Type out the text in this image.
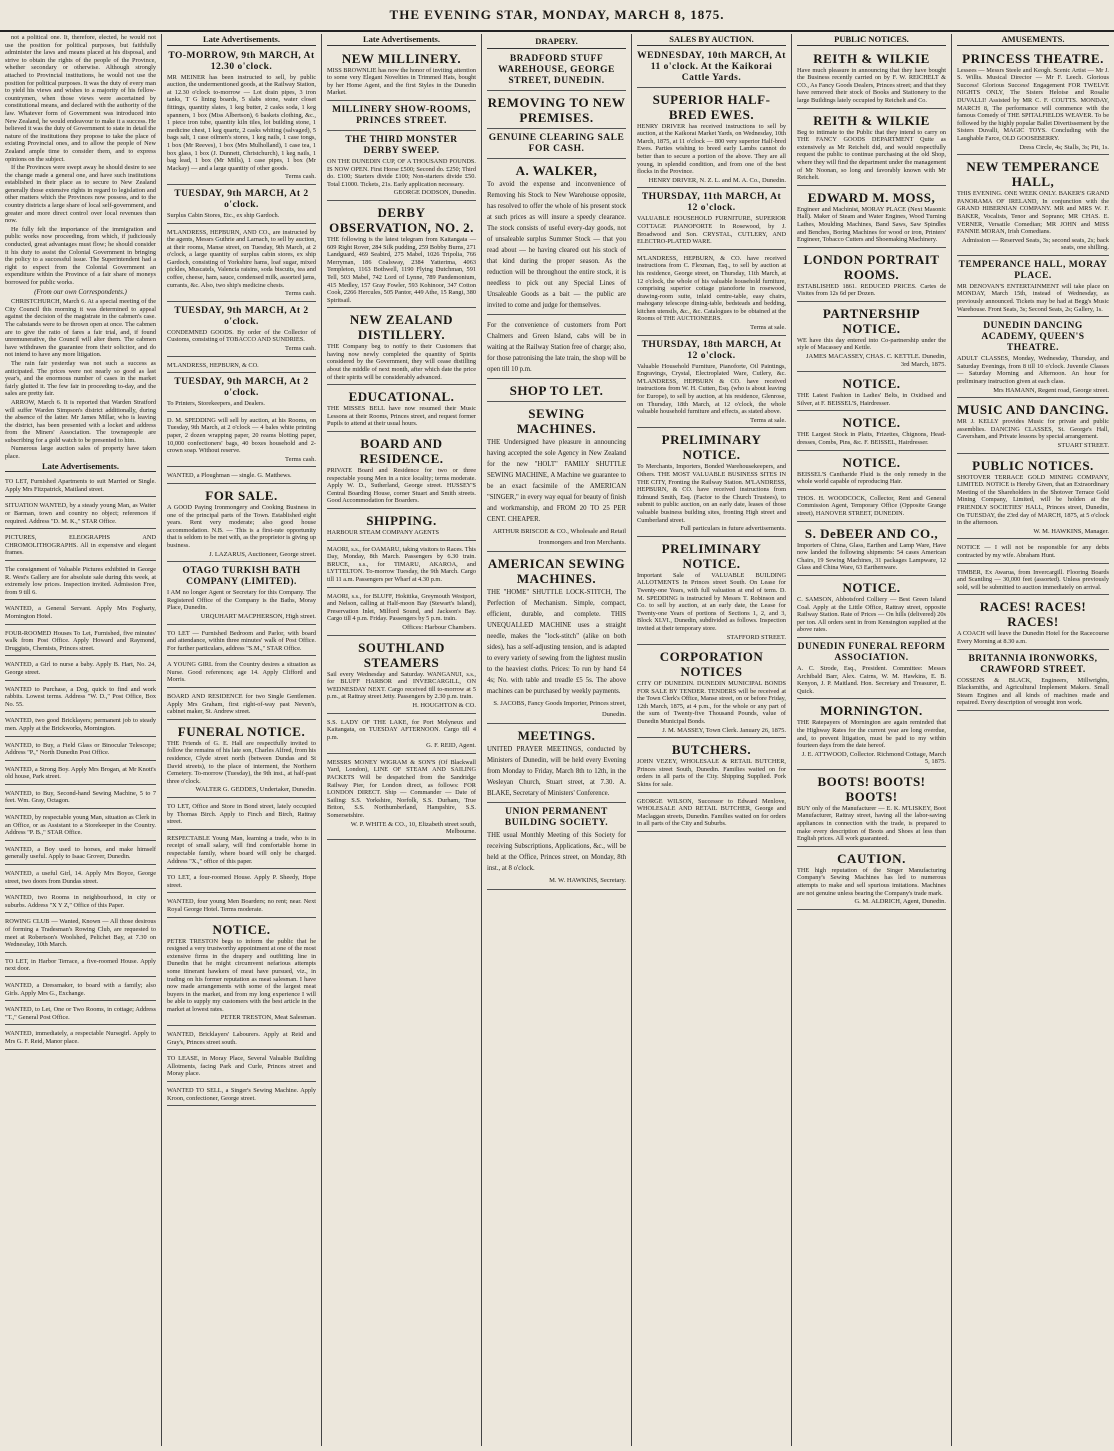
THE EVENING STAR, MONDAY, MARCH 8, 1875.

not a political one. It, therefore, elected, he would not use the position for political purposes, but faithfully administer the laws and means placed at his disposal, and strive to obtain the rights of the people of the Province, whether secondary or otherwise. Although strongly attached to Provincial institutions, he would not use the position for political purposes. It was the duty of every man to yield his views and wishes to a majority of his fellow-countrymen, when those views were ascertained by constitutional means, and declared with the authority of the law. Whatever form of Government was introduced into New Zealand, he would endeavour to make it a success. He believed it was the duty of Government to state in detail the nature of the institutions they propose to take the place of existing Provincial ones, and to allow the people of New Zealand ample time to consider them, and to express opinions on the subject.

If the Provinces were swept away he should desire to see the change made a general one, and have such institutions established in their place as to secure to New Zealand generally those extensive rights in regard to legislation and other matters which the Provinces now possess, and to the country districts a large share of local self-government, and greater and more direct control over local revenues than now.

He fully felt the importance of the immigration and public works now proceeding, from which, if judiciously conducted, great advantages must flow; he should consider it his duty to assist the Colonial Government in bringing the policy to a successful issue. The Superintendent had a right to expect from the Colonial Government an expenditure within the Province of a fair share of moneys borrowed for public works.

(From our own Correspondents.)

CHRISTCHURCH, March 6. At a special meeting of the City Council this morning it was determined to appeal against the decision of the magistrate in the cabmen's case. The cabstands were to be thrown open at once. The cabmen are to give the ratio of fares a fair trial, and, if found unremunerative, the Council will alter them. The cabmen have withdrawn the guarantee from their solicitor, and do not intend to have any more litigation.

The rain fair yesterday was not such a success as anticipated. The prices were not nearly so good as last year's, and the enormous number of cases in the market fairly glutted it. The few fair in proceeding to-day, and the sales are pretty fair.

ARROW, March 6. It is reported that Warden Stratford will suffer Warden Simpson's district additionally, during the absence of the latter. Mr James Millar, who is leaving the district, has been presented with a locket and address from the Miners' Association. The townspeople are subscribing for a gold watch to be presented to him.

Numerous large auction sales of property have taken place.

Late Advertisements.
TO LET, Furnished Apartments to suit Married or Single. Apply Mrs Fitzpatrick, Maitland street.
SITUATION WANTED, by a steady young Man, as Waiter or Barman, town and country no object; references if required. Address "D. M. K.," STAR Office.
PICTURES, ELEOGRAPHS AND CHROMOLITHOGRAPHS. All in expensive and elegant frames.
The consignment of Valuable Pictures exhibited in George R. West's Gallery are for absolute sale during this week, at extremely low prices. Inspection invited. Admission Free, from 9 till 6.
WANTED, a General Servant. Apply Mrs Fogharty, Mornington Hotel.
FOUR-ROOMED Houses To Let, Furnished, five minutes' walk from Post Office. Apply Howard and Raymond, Druggists, Chemists, Princes street.
WANTED, a Girl to nurse a baby. Apply B. Hart, No. 24, George street.
WANTED to Purchase, a Dog, quick to find and work rabbits. Lowest terms. Address "W. D.," Post Office, Box No. 55.
WANTED, two good Bricklayers; permanent job to steady men. Apply at the Brickworks, Mornington.
WANTED, to Buy, a Field Glass or Binocular Telescope; Address "P.," North Dunedin Post Office.
WANTED, a Strong Boy. Apply Mrs Brogan, at Mr Knott's old house, Park street.
WANTED, to Buy, Second-hand Sewing Machine, 5 to 7 feet. Wm. Gray, Octagon.
WANTED, by respectable young Man, situation as Clerk in an Office, or as Assistant to a Storekeeper in the Country. Address "P. B.," STAR Office.
WANTED, a Boy used to horses, and make himself generally useful. Apply to Isaac Grover, Dunedin.
WANTED, a useful Girl, 14. Apply Mrs Boyce, George street, two doors from Dundas street.
WANTED, two Rooms in neighbourhood, in city or suburbs. Address "X Y Z," Office of this Paper.
ROWING CLUB — Wanted, Known — All those desirous of forming a Tradesman's Rowing Club, are requested to meet at Robertson's Woolshed, Pelichet Bay, at 7.30 on Wednesday, 10th March.
TO LET, in Harbor Terrace, a five-roomed House. Apply next door.
WANTED, a Dressmaker, to board with a family; also Girls. Apply Mrs G., Exchange.
WANTED, to Let, One or Two Rooms, in cottage; Address "T.," General Post Office.
WANTED, immediately, a respectable Nursegirl. Apply to Mrs G. F. Reid, Manor place.
Late Advertisements.
TO-MORROW, 9th MARCH, At 12.30 o'clock.
MR MEINER has been instructed to sell, by public auction, the undermentioned goods, at the Railway Station, at 12.30 o'clock to-morrow — Lot drain pipes, 3 iron tanks, T G lining boards, 5 slabs stone, water closet fittings, quantity slates, 1 keg butter, 2 casks soda, 1 keg spanners, 1 box (Miss Albertson), 6 baskets clothing, &c., 1 piece iron tube, quantity kiln tiles, lot building stone, 1 medicine chest, 1 keg quartz, 2 casks whiting (salvaged), 5 bags salt, 1 case oilmen's stores, 1 keg nails, 1 case tongs, 1 box (Mr Reeves), 1 box (Mrs Mulholland), 1 case tea, 1 box glass, 1 box (J. Dunnett, Christchurch), 1 keg nails, 1 bag lead, 1 box (Mr Mills), 1 case pipes, 1 box (Mr Mackay) — and a large quantity of other goods.
Terms cash.
TUESDAY, 9th MARCH, At 2 o'clock.
Surplus Cabin Stores, Etc., ex ship Gardoch.
M'LANDRESS, HEPBURN, AND CO., are instructed by the agents, Messrs Guthrie and Larnach, to sell by auction, at their rooms, Manse street, on Tuesday, 9th March, at 2 o'clock, a large quantity of surplus cabin stores, ex ship Gardoch, consisting of Yorkshire hams, loaf sugar, mixed pickles, Muscatels, Valencia raisins, soda biscuits, tea and coffee, cheese, ham, sauce, condensed milk, assorted jams, currants, &c. Also, two ship's medicine chests.
Terms cash.
TUESDAY, 9th MARCH, At 2 o'clock.
CONDEMNED GOODS. By order of the Collector of Customs, consisting of TOBACCO AND SUNDRIES.
Terms cash.
M'LANDRESS, HEPBURN, & CO.
TUESDAY, 9th MARCH, At 2 o'clock.
To Printers, Storekeepers, and Dealers.
D. M. SPEDDING will sell by auction, at his Rooms, on Tuesday, 9th March, at 2 o'clock — 4 bales white printing paper, 2 dozen wrapping paper, 20 reams blotting paper, 10,000 confectioners' bags, 40 boxes household and 2-crown soap. Without reserve.
Terms cash.
WANTED, a Ploughman — single. G. Matthews.
FOR SALE.
A GOOD Paying Ironmongery and Cooking Business in one of the principal parts of the Town. Established eight years. Rent very moderate; also good house accommodation. N.B. — This is a first-rate opportunity that is seldom to be met with, as the proprietor is giving up business.
J. LAZARUS, Auctioneer, George street.
OTAGO TURKISH BATH COMPANY (LIMITED).
I AM no longer Agent or Secretary for this Company. The Registered Office of the Company is the Baths, Moray Place, Dunedin.
URQUHART MACPHERSON, High street.
TO LET — Furnished Bedroom and Parlor, with board and attendance, within three minutes' walk of Post Office. For further particulars, address "S.M.," STAR Office.
A YOUNG GIRL from the Country desires a situation as Nurse. Good references; age 14. Apply Clifford and Morris.
BOARD AND RESIDENCE for two Single Gentlemen. Apply Mrs Graham, first right-of-way past Neven's, cabinet maker, St. Andrew street.
FUNERAL NOTICE.
THE Friends of G. E. Hall are respectfully invited to follow the remains of his late son, Charles Alfred, from his residence, Clyde street north (between Dundas and St David streets), to the place of interment, the Northern Cemetery. To-morrow (Tuesday), the 9th inst., at half-past three o'clock.
WALTER G. GEDDES, Undertaker, Dunedin.
TO LET, Office and Store in Bond street, lately occupied by Thomas Birch. Apply to Finch and Birch, Rattray street.
RESPECTABLE Young Man, learning a trade, who is in receipt of small salary, will find comfortable home in respectable family, where board will only be charged. Address "X.," office of this paper.
TO LET, a four-roomed House. Apply P. Sheedy, Hope street.
WANTED, four young Men Boarders; no rent; near. Next Royal George Hotel. Terms moderate.
NOTICE.
PETER TRESTON begs to inform the public that he resigned a very trustworthy appointment at one of the most extensive firms in the drapery and outfitting line in Dunedin that he might circumvent nefarious attempts some itinerant hawkers of meat have pursued, viz., in trading on his former reputation as meat salesman. I have now made arrangements with some of the largest meat buyers in the market, and from my long experience I will be able to supply my customers with the best article in the market at lowest rates.
PETER TRESTON, Meat Salesman.
WANTED, Bricklayers' Labourers. Apply at Reid and Gray's, Princes street south.
TO LEASE, in Moray Place, Several Valuable Building Allotments, facing Park and Curle, Princes street and Moray place.
WANTED TO SELL, a Singer's Sewing Machine. Apply Kroon, confectioner, George street.
Late Advertisements.
NEW MILLINERY.
MISS BROWNLIE has now the honor of inviting attention to some very Elegant Novelties in Trimmed Hats, bought by her Home Agent, and the first Styles in the Dunedin Market.
MILLINERY SHOW-ROOMS, PRINCES STREET.
THE THIRD MONSTER DERBY SWEEP.
ON THE DUNEDIN CUP, OF A THOUSAND POUNDS. IS NOW OPEN. First Horse £500; Second do. £250; Third do. £100; Starters divide £100; Non-starters divide £50. Total £1000. Tickets, 21s. Early application necessary.
GEORGE DODSON, Dunedin.
DERBY OBSERVATION, NO. 2.
THE following is the latest telegram from Kaitangata — 609 Right Rover, 284 Silk pudding, 259 Bobby Burns, 271 Landguard, 469 Seabird, 275 Mabel, 1026 Tripolia, 766 Merryman, 186 Coalsway, 2384 Yatterima, 4063 Templeton, 1163 Bothwell, 1190 Flying Dutchman, 591 Tell, 503 Mabel, 742 Lord of Lynne, 789 Pandemonium, 415 Medley, 157 Gray Fowler, 593 Kohinoor, 347 Cotton Cook, 2266 Hercules, 505 Pantor, 449 Athe, 15 Rangi, 380 Spiritsail.
NEW ZEALAND DISTILLERY.
THE Company beg to notify to their Customers that having now newly completed the quantity of Spirits considered by the Government, they will cease distilling about the middle of next month, after which date the price of their spirits will be considerably advanced.
EDUCATIONAL.
THE MISSES BELL have now resumed their Music Lessons at their Rooms, Princes street, and request former Pupils to attend at their usual hours.
BOARD AND RESIDENCE.
PRIVATE Board and Residence for two or three respectable young Men in a nice locality; terms moderate. Apply W. D., Sutherland, George street. HUSSEY'S Central Boarding House, corner Stuart and Smith streets. Good Accommodation for Boarders.
SHIPPING.
HARBOUR STEAM COMPANY AGENTS
MAORI, s.s., for OAMARU, taking visitors to Races. This Day, Monday, 8th March. Passengers by 6.30 train. BRUCE, s.s., for TIMARU, AKAROA, and LYTTELTON. To-morrow Tuesday, the 9th March. Cargo till 11 a.m. Passengers per Wharf at 4.30 p.m.
MAORI, s.s., for BLUFF, Hokitika, Greymouth Westport, and Nelson, calling at Half-moon Bay (Stewart's Island), Preservation Inlet, Milford Sound, and Jackson's Bay. Cargo till 4 p.m. Friday. Passengers by 5 p.m. train.
Offices: Harbour Chambers.
SOUTHLAND STEAMERS
Sail every Wednesday and Saturday. WANGANUI, s.s., for BLUFF HARBOR and INVERCARGILL, ON WEDNESDAY NEXT. Cargo received till to-morrow at 5 p.m., at Rattray street Jetty. Passengers by 2.30 p.m. train.
H. HOUGHTON & CO.
S.S. LADY OF THE LAKE, for Port Molyneux and Kaitangata, on TUESDAY AFTERNOON. Cargo till 4 p.m.
G. F. REID, Agent.
MESSRS MONEY WIGRAM & SON'S (Of Blackwall Yard, London), LINE OF STEAM AND SAILING PACKETS Will be despatched from the Sandridge Railway Pier, for London direct, as follows: FOR LONDON DIRECT. Ship — Commander — Date of Sailing: S.S. Yorkshire, Norfolk, S.S. Durham, True Briton, S.S. Northumberland, Hampshire, S.S. Somersetshire.
W. P. WHITE & CO., 10, Elizabeth street south, Melbourne.
DRAPERY.
BRADFORD STUFF WAREHOUSE, GEORGE STREET, DUNEDIN.
REMOVING TO NEW PREMISES.
GENUINE CLEARING SALE FOR CASH.
A. WALKER,
To avoid the expense and inconvenience of Removing his Stock to New Warehouse opposite, has resolved to offer the whole of his present stock at such prices as will insure a speedy clearance. The stock consists of useful every-day goods, not of unsaleable surplus Summer Stock — that you read about — he having cleared out his stock of that kind during the proper season. As the reduction will be throughout the entire stock, it is needless to pick out any Special Lines of Unsaleable Goods as a bait — the public are invited to come and judge for themselves.
For the convenience of customers from Port Chalmers and Green Island, cabs will be in waiting at the Railway Station free of charge; also, for those patronising the late train, the shop will be open till 10 p.m.
SHOP TO LET.
SEWING MACHINES.
THE Undersigned have pleasure in announcing having accepted the sole Agency in New Zealand for the new "HOLT" FAMILY SHUTTLE SEWING MACHINE, A Machine we guarantee to be an exact facsimile of the AMERICAN "SINGER," in every way equal for beauty of finish and workmanship, and FROM 20 TO 25 PER CENT. CHEAPER.
ARTHUR BRISCOE & CO., Wholesale and Retail Ironmongers and Iron Merchants.
AMERICAN SEWING MACHINES.
THE "HOME" SHUTTLE LOCK-STITCH, The Perfection of Mechanism. Simple, compact, efficient, durable, and complete. THIS UNEQUALLED MACHINE uses a straight needle, makes the "lock-stitch" (alike on both sides), has a self-adjusting tension, and is adapted to every variety of sewing from the lightest muslin to the heaviest cloths. Prices: To run by hand £4 4s; No. with table and treadle £5 5s. The above machines can be purchased by weekly payments.
S. JACOBS, Fancy Goods Importer, Princes street, Dunedin.
MEETINGS.
UNITED PRAYER MEETINGS, conducted by Ministers of Dunedin, will be held every Evening from Monday to Friday, March 8th to 12th, in the Wesleyan Church, Stuart street, at 7.30. A. BLAKE, Secretary of Ministers' Conference.
UNION PERMANENT BUILDING SOCIETY.
THE usual Monthly Meeting of this Society for receiving Subscriptions, Applications, &c., will be held at the Office, Princes street, on Monday, 8th inst., at 8 o'clock.
M. W. HAWKINS, Secretary.
SALES BY AUCTION.
WEDNESDAY, 10th MARCH, At 11 o'clock. At the Kaikorai Cattle Yards.
SUPERIOR HALF-BRED EWES.
HENRY DRIVER has received instructions to sell by auction, at the Kaikorai Market Yards, on Wednesday, 10th March, 1875, at 11 o'clock — 800 very superior Half-bred Ewes. Parties wishing to breed early Lambs cannot do better than to secure a portion of the above. They are all young, in splendid condition, and from one of the best flocks in the Province.
HENRY DRIVER, N. Z. L. and M. A. Co., Dunedin.
THURSDAY, 11th MARCH, At 12 o'clock.
VALUABLE HOUSEHOLD FURNITURE, SUPERIOR COTTAGE PIANOFORTE In Rosewood, by J. Broadwood and Son. CRYSTAL, CUTLERY, AND ELECTRO-PLATED WARE.
M'LANDRESS, HEPBURN, & CO. have received instructions from C. Flexman, Esq., to sell by auction at his residence, George street, on Thursday, 11th March, at 12 o'clock, the whole of his valuable household furniture, comprising superior cottage pianoforte in rosewood, drawing-room suite, inlaid centre-table, easy chairs, mahogany telescope dining-table, bedsteads and bedding, kitchen utensils, &c., &c. Catalogues to be obtained at the Rooms of THE AUCTIONEERS.
Terms at sale.
THURSDAY, 18th MARCH, At 12 o'clock.
Valuable Household Furniture, Pianoforte, Oil Paintings, Engravings, Crystal, Electroplated Ware, Cutlery, &c. M'LANDRESS, HEPBURN & CO. have received instructions from W. H. Cutten, Esq. (who is about leaving for Europe), to sell by auction, at his residence, Glenrose, on Thursday, 18th March, at 12 o'clock, the whole valuable household furniture and effects, as stated above.
Terms at sale.
PRELIMINARY NOTICE.
To Merchants, Importers, Bonded Warehousekeepers, and Others. THE MOST VALUABLE BUSINESS SITES IN THE CITY, Fronting the Railway Station. M'LANDRESS, HEPBURN, & CO. have received instructions from Edmund Smith, Esq. (Factor to the Church Trustees), to submit to public auction, on an early date, leases of those valuable business building sites, fronting High street and Cumberland street.
Full particulars in future advertisements.
PRELIMINARY NOTICE.
Important Sale of VALUABLE BUILDING ALLOTMENTS In Princes street South. On Lease for Twenty-one Years, with full valuation at end of term. D. M. SPEDDING is instructed by Messrs T. Robinson and Co. to sell by auction, at an early date, the Lease for Twenty-one Years of portions of Sections 1, 2, and 3, Block XLVI., Dunedin, subdivided as follows. Inspection invited at their temporary store.
STAFFORD STREET.
CORPORATION NOTICES
CITY OF DUNEDIN. DUNEDIN MUNICIPAL BONDS FOR SALE BY TENDER. TENDERS will be received at the Town Clerk's Office, Manse street, on or before Friday, 12th March, 1875, at 4 p.m., for the whole or any part of the sum of Twenty-five Thousand Pounds, value of Dunedin Municipal Bonds.
J. M. MASSEY, Town Clerk. January 26, 1875.
BUTCHERS.
JOHN VEZEY, WHOLESALE & RETAIL BUTCHER, Princes street South, Dunedin. Families waited on for orders in all parts of the City. Shipping Supplied. Pork Skins for sale.
GEORGE WILSON, Successor to Edward Menlove, WHOLESALE AND RETAIL BUTCHER, George and Maclaggan streets, Dunedin. Families waited on for orders in all parts of the City and Suburbs.
PUBLIC NOTICES.
REITH & WILKIE
Have much pleasure in announcing that they have bought the Business recently carried on by F. W. REICHELT & CO., As Fancy Goods Dealers, Princes street; and that they have removed their stock of Books and Stationery to the large Buildings lately occupied by Reichelt and Co.
REITH & WILKIE
Beg to intimate to the Public that they intend to carry on THE FANCY GOODS DEPARTMENT Quite as extensively as Mr Reichelt did, and would respectfully request the public to continue purchasing at the old Shop, where they will find the department under the management of Mr Noonan, so long and favorably known with Mr Reichelt.
EDWARD M. MOSS,
Engineer and Machinist, MORAY PLACE (Next Masonic Hall). Maker of Steam and Water Engines, Wood Turning Lathes, Moulding Machines, Band Saws, Saw Spindles and Benches, Boring Machines for wood or iron, Printers' Engineer, Tobacco Cutters and Shoemaking Machinery.
LONDON PORTRAIT ROOMS.
ESTABLISHED 1861. REDUCED PRICES. Cartes de Visites from 12s 6d per Dozen.
PARTNERSHIP NOTICE.
WE have this day entered into Co-partnership under the style of Macassey and Kettle.
JAMES MACASSEY, CHAS. C. KETTLE. Dunedin, 3rd March, 1875.
NOTICE.
THE Latest Fashion in Ladies' Belts, in Oxidised and Silver, at F. BEISSEL'S, Hairdresser.
NOTICE.
THE Largest Stock in Plaits, Frizettes, Chignons, Head-dresses, Combs, Pins, &c. F. BEISSEL, Hairdresser.
NOTICE.
BEISSEL'S Cantharide Fluid is the only remedy in the whole world capable of reproducing Hair.
THOS. H. WOODCOCK, Collector, Rent and General Commission Agent, Temporary Office (Opposite Grange street), HANOVER STREET, DUNEDIN.
S. DeBEER AND CO.,
Importers of China, Glass, Earthen and Lamp Ware, Have now landed the following shipments: 54 cases American Chairs, 19 Sewing Machines, 31 packages Lampware, 12 Glass and China Ware, 63 Earthenware.
NOTICE.
C. SAMSON, Abbotsford Colliery — Best Green Island Coal. Apply at the Little Office, Rattray street, opposite Railway Station. Rate of Prices — On hills (delivered) 20s per ton. All orders sent in from Kensington supplied at the above rates.
DUNEDIN FUNERAL REFORM ASSOCIATION.
A. C. Strode, Esq., President. Committee: Messrs Archibald Barr, Alex. Cairns, W. M. Hawkins, E. B. Kenyon, J. P. Maitland. Hon. Secretary and Treasurer, E. Quick.
MORNINGTON.
THE Ratepayers of Mornington are again reminded that the Highway Rates for the current year are long overdue, and, to prevent litigation, must be paid to my within fourteen days from the date hereof.
J. E. ATTWOOD, Collector. Richmond Cottage, March 5, 1875.
BOOTS! BOOTS! BOOTS!
BUY only of the Manufacturer — E. K. M'LISKEY, Boot Manufacturer, Rattray street, having all the labor-saving appliances in connection with the trade, is prepared to make every description of Boots and Shoes at less than English prices. All work guaranteed.
CAUTION.
THE high reputation of the Singer Manufacturing Company's Sewing Machines has led to numerous attempts to make and sell spurious imitations. Machines are not genuine unless bearing the Company's trade mark.
G. M. ALDRICH, Agent, Dunedin.
AMUSEMENTS.
PRINCESS THEATRE.
Lessees — Messrs Steele and Keogh. Scenic Artist — Mr J. S. Willis. Musical Director — Mr F. Leech. Glorious Success! Glorious Success! Engagement FOR TWELVE NIGHTS ONLY, The Sisters Heloise and Rosalie DUVALLI! Assisted by MR C. F. COUTTS. MONDAY, MARCH 8, The performance will commence with the famous Comedy of THE SPITALFIELDS WEAVER. To be followed by the highly popular Ballet Divertissement by the Sisters Duvalli, MAGIC TOYS. Concluding with the Laughable Farce, OLD GOOSEBERRY.
Dress Circle, 4s; Stalls, 3s; Pit, 1s.
NEW TEMPERANCE HALL,
THIS EVENING. ONE WEEK ONLY. BAKER'S GRAND PANORAMA OF IRELAND, In conjunction with the GRAND HIBERNIAN COMPANY. MR and MRS W. F. BAKER, Vocalists, Tenor and Soprano; MR CHAS. E. VERNER, Versatile Comedian; MR JOHN and MISS FANNIE MORAN, Irish Comedians.
Admission — Reserved Seats, 3s; second seats, 2s; back seats, one shilling.
TEMPERANCE HALL, MORAY PLACE.
MR DENOVAN'S ENTERTAINMENT will take place on MONDAY, March 15th, instead of Wednesday, as previously announced. Tickets may be had at Begg's Music Warehouse. Front Seats, 3s; Second Seats, 2s; Gallery, 1s.
DUNEDIN DANCING ACADEMY, QUEEN'S THEATRE.
ADULT CLASSES, Monday, Wednesday, Thursday, and Saturday Evenings, from 8 till 10 o'clock. Juvenile Classes — Saturday Morning and Afternoon. An hour for preliminary instruction given at each class.
Mrs HAMANN, Regent road, George street.
MUSIC AND DANCING.
MR J. KELLY provides Music for private and public assemblies. DANCING CLASSES, St. George's Hall, Caversham, and Private lessons by special arrangement.
STUART STREET.
PUBLIC NOTICES.
SHOTOVER TERRACE GOLD MINING COMPANY, LIMITED. NOTICE is Hereby Given, that an Extraordinary Meeting of the Shareholders in the Shotover Terrace Gold Mining Company, Limited, will be holden at the FRIENDLY SOCIETIES' HALL, Princes street, Dunedin, On TUESDAY, the 23rd day of MARCH, 1875, at 5 o'clock in the afternoon.
W. M. HAWKINS, Manager.
NOTICE — I will not be responsible for any debts contracted by my wife. Abraham Hunt.
TIMBER, Ex Awarua, from Invercargill. Flooring Boards and Scantling — 30,000 feet (assorted). Unless previously sold, will be submitted to auction immediately on arrival.
RACES! RACES! RACES!
A COACH will leave the Dunedin Hotel for the Racecourse Every Morning at 8.30 a.m.
BRITANNIA IRONWORKS, CRAWFORD STREET.
COSSENS & BLACK, Engineers, Millwrights, Blacksmiths, and Agricultural Implement Makers. Small Steam Engines and all kinds of machines made and repaired. Every description of wrought iron work.
